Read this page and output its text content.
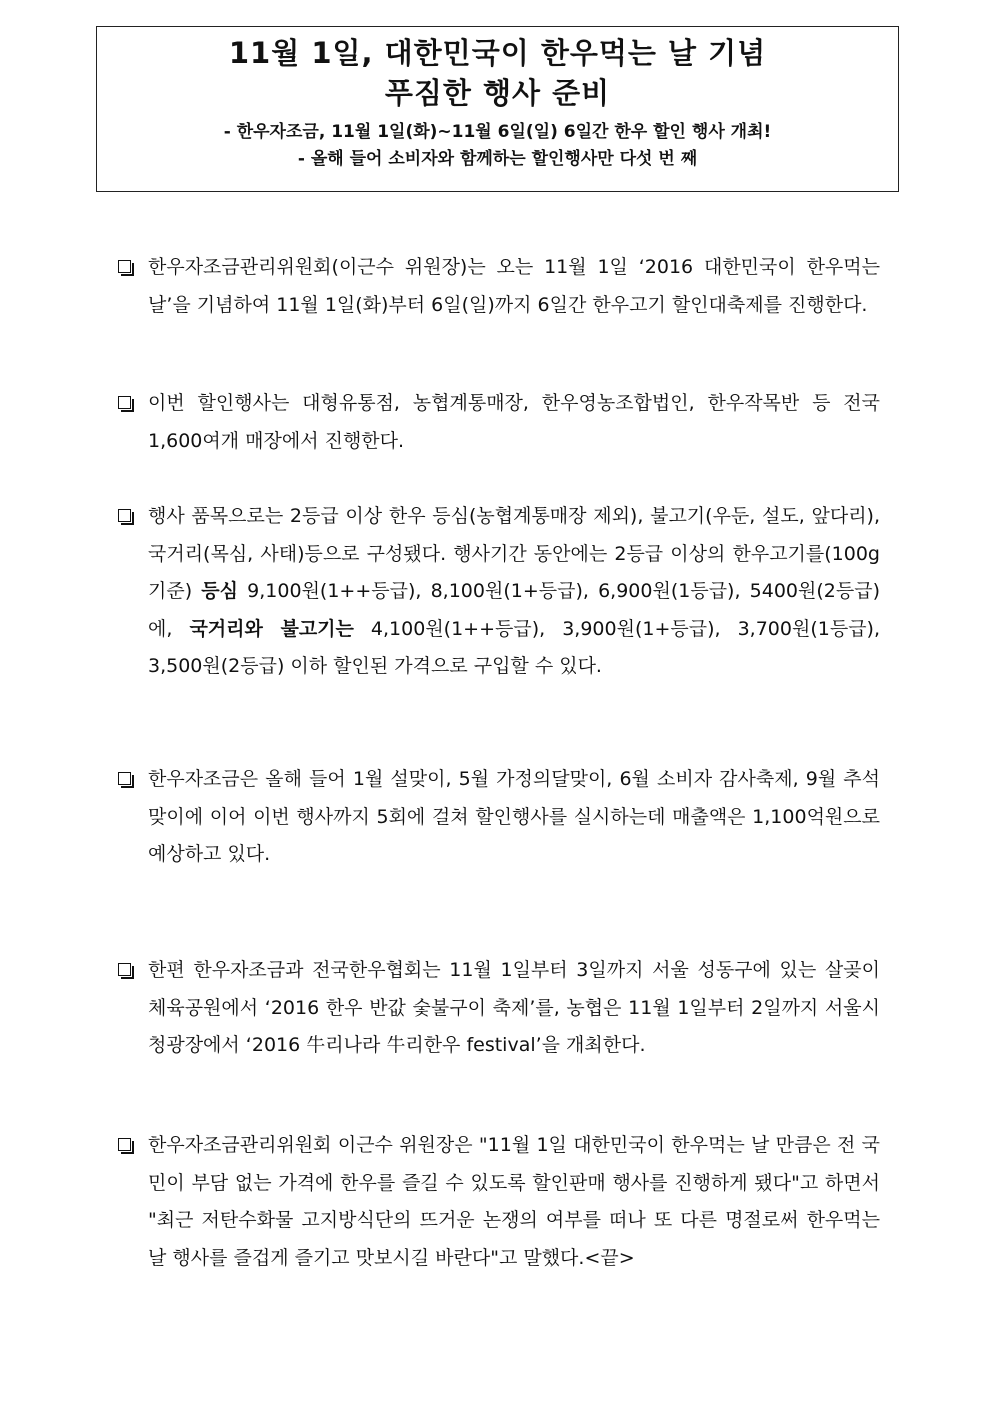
11월 1일, 대한민국이 한우먹는 날 기념
푸짐한 행사 준비
- 한우자조금, 11월 1일(화)~11월 6일(일) 6일간 한우 할인 행사 개최!
- 올해 들어 소비자와 함께하는 할인행사만 다섯 번 째
한우자조금관리위원회(이근수 위원장)는 오는 11월 1일 ‘2016 대한민국이 한우먹는 날’을 기념하여 11월 1일(화)부터 6일(일)까지 6일간 한우고기 할인대축제를 진행한다.
이번 할인행사는 대형유통점, 농협계통매장, 한우영농조합법인, 한우작목반 등 전국 1,600여개 매장에서 진행한다.
행사 품목으로는 2등급 이상 한우 등심(농협계통매장 제외), 불고기(우둔, 설도, 앞다리), 국거리(목심, 사태)등으로 구성됐다. 행사기간 동안에는 2등급 이상의 한우고기를(100g 기준) 등심 9,100원(1++등급), 8,100원(1+등급), 6,900원(1등급), 5400원(2등급)에, 국거리와 불고기는 4,100원(1++등급), 3,900원(1+등급), 3,700원(1등급), 3,500원(2등급) 이하 할인된 가격으로 구입할 수 있다.
한우자조금은 올해 들어 1월 설맞이, 5월 가정의달맞이, 6월 소비자 감사축제, 9월 추석맞이에 이어 이번 행사까지 5회에 걸쳐 할인행사를 실시하는데 매출액은 1,100억원으로 예상하고 있다.
한편 한우자조금과 전국한우협회는 11월 1일부터 3일까지 서울 성동구에 있는 살곶이 체육공원에서 ‘2016 한우 반값 숯불구이 축제’를, 농협은 11월 1일부터 2일까지 서울시청광장에서 ‘2016 牛리나라 牛리한우 festival’을 개최한다.
한우자조금관리위원회 이근수 위원장은 "11월 1일 대한민국이 한우먹는 날 만큼은 전 국민이 부담 없는 가격에 한우를 즐길 수 있도록 할인판매 행사를 진행하게 됐다"고 하면서 "최근 저탄수화물 고지방식단의 뜨거운 논쟁의 여부를 떠나 또 다른 명절로써 한우먹는 날 행사를 즐겁게 즐기고 맛보시길 바란다"고 말했다.<끝>
